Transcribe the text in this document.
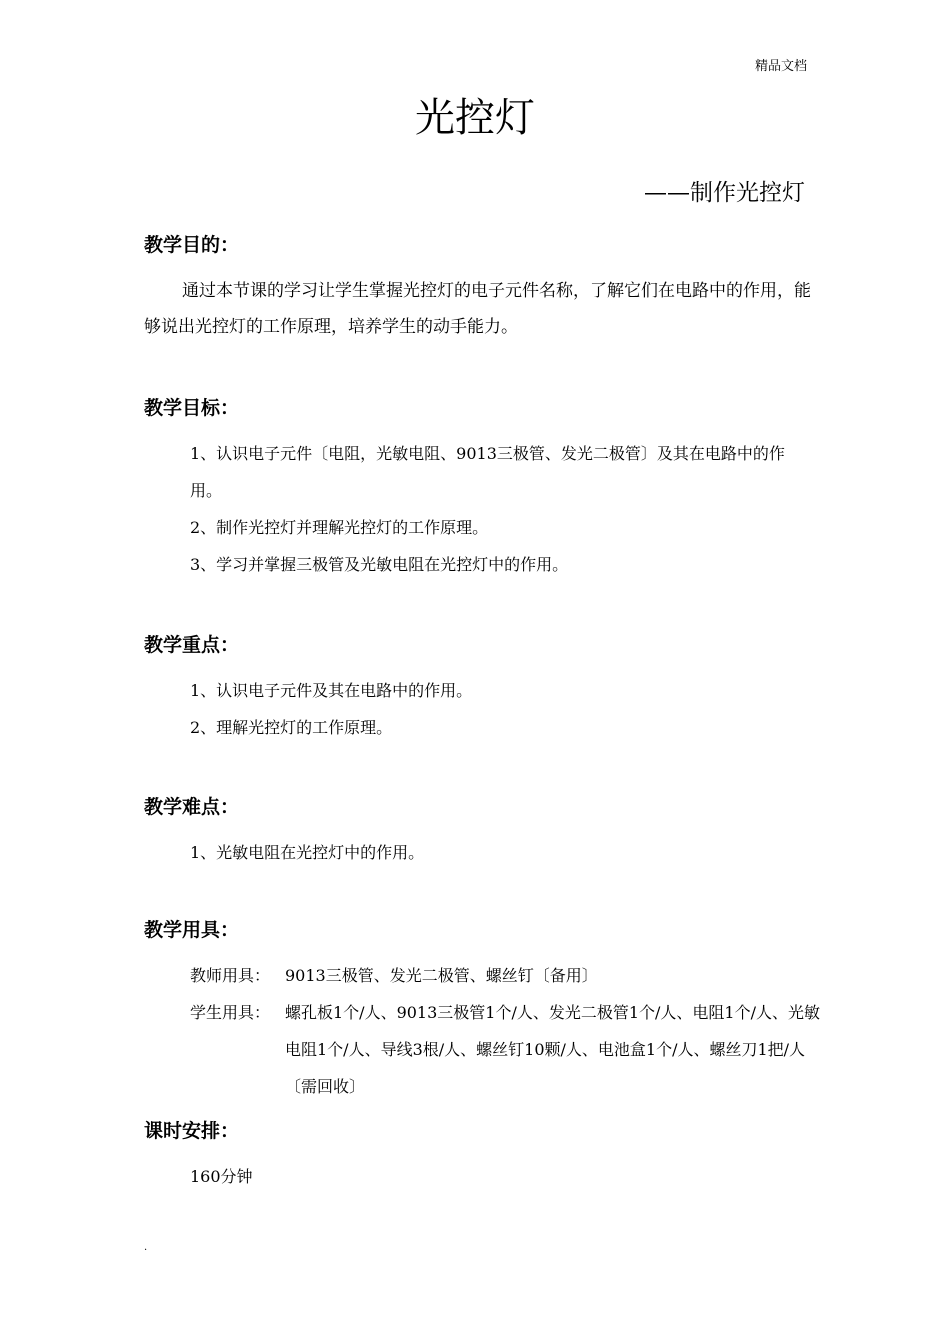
精品文档
光控灯
——制作光控灯
教学目的：
通过本节课的学习让学生掌握光控灯的电子元件名称，了解它们在电路中的作用，能够说出光控灯的工作原理，培养学生的动手能力。
教学目标：
1、认识电子元件〔电阻，光敏电阻、9013三极管、发光二极管〕及其在电路中的作用。
2、制作光控灯并理解光控灯的工作原理。
3、学习并掌握三极管及光敏电阻在光控灯中的作用。
教学重点：
1、认识电子元件及其在电路中的作用。
2、理解光控灯的工作原理。
教学难点：
1、光敏电阻在光控灯中的作用。
教学用具：
教师用具： 9013三极管、发光二极管、螺丝钉〔备用〕
学生用具： 螺孔板1个/人、9013三极管1个/人、发光二极管1个/人、电阻1个/人、光敏电阻1个/人、导线3根/人、螺丝钉10颗/人、电池盒1个/人、螺丝刀1把/人〔需回收〕
课时安排：
160分钟
.
